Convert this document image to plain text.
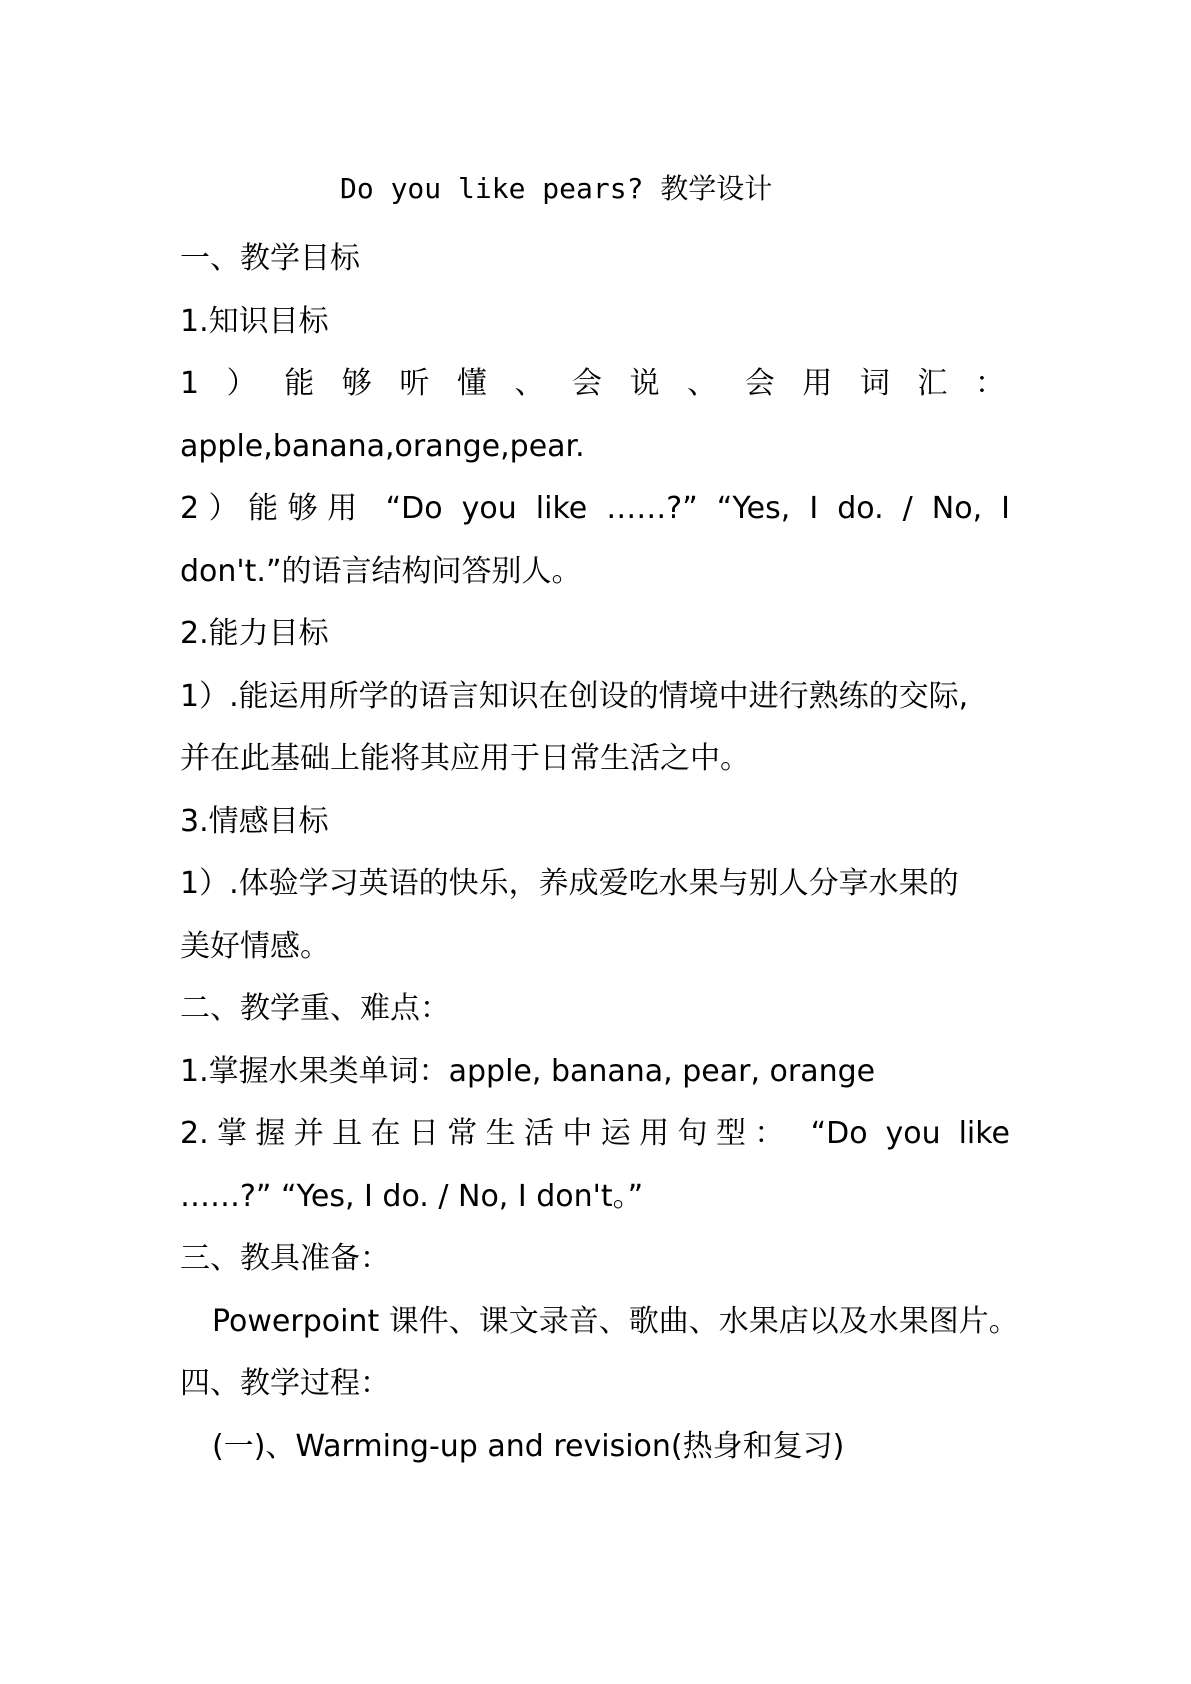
Do you like pears? 教学设计
一、教学目标
1.知识目标
1）能够听懂、会说、会用词汇：
apple,banana,orange,pear.
2）能够用 “Do you like ……?” “Yes, I do. / No, I
don't.”的语言结构问答别人。
2.能力目标
1）.能运用所学的语言知识在创设的情境中进行熟练的交际,
并在此基础上能将其应用于日常生活之中。
3.情感目标
1）.体验学习英语的快乐，养成爱吃水果与别人分享水果的
美好情感。
二、教学重、难点：
1.掌握水果类单词：apple, banana, pear, orange
2.掌握并且在日常生活中运用句型： “Do you like
……?” “Yes, I do. / No, I don't。”
三、教具准备：
Powerpoint 课件、课文录音、歌曲、水果店以及水果图片。
四、教学过程：
(一)、Warming-up and revision(热身和复习)
